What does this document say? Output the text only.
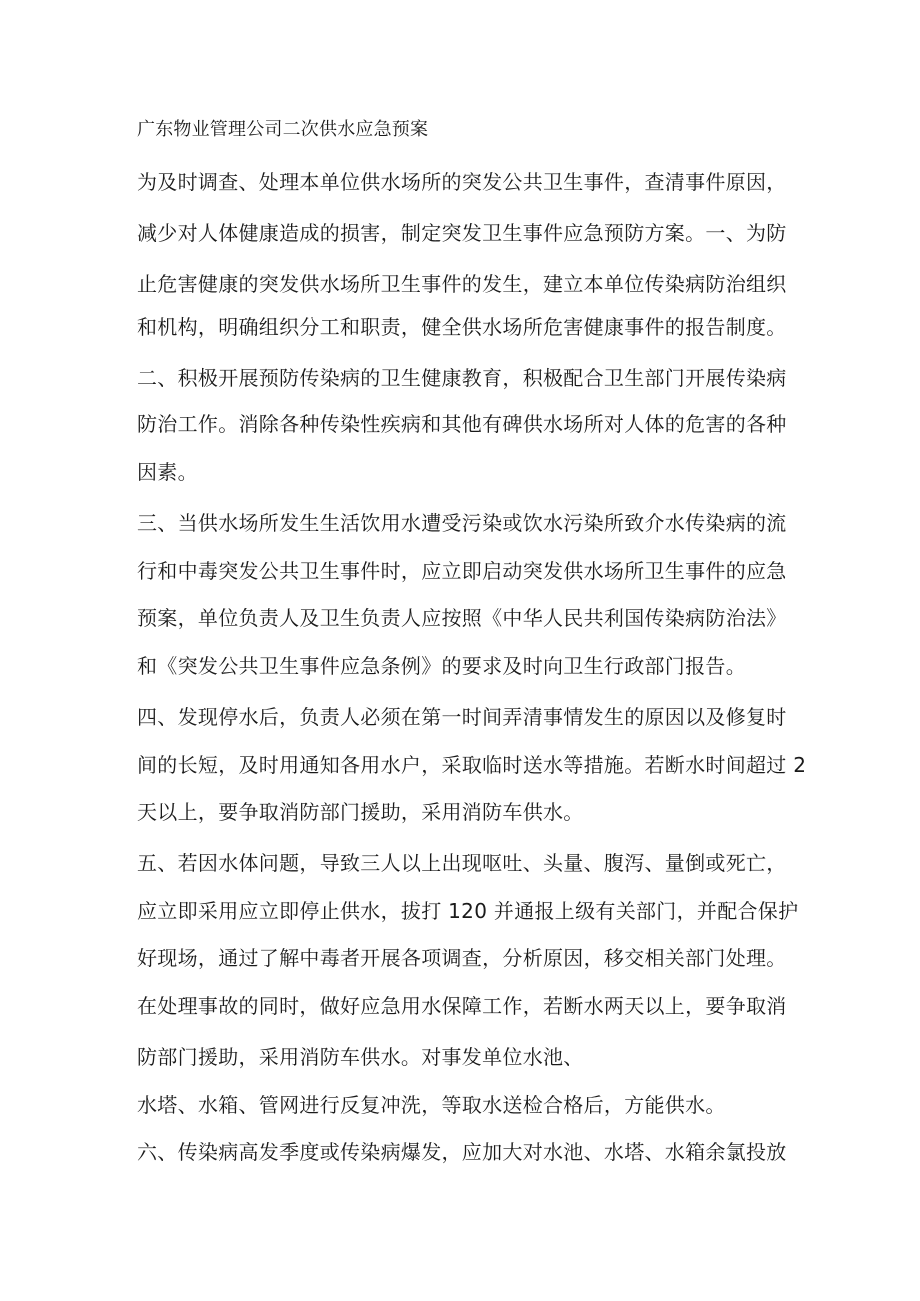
广东物业管理公司二次供水应急预案
为及时调查、处理本单位供水场所的突发公共卫生事件，查清事件原因，
减少对人体健康造成的损害，制定突发卫生事件应急预防方案。一、为防
止危害健康的突发供水场所卫生事件的发生，建立本单位传染病防治组织
和机构，明确组织分工和职责，健全供水场所危害健康事件的报告制度。
二、积极开展预防传染病的卫生健康教育，积极配合卫生部门开展传染病
防治工作。消除各种传染性疾病和其他有碑供水场所对人体的危害的各种
因素。
三、当供水场所发生生活饮用水遭受污染或饮水污染所致介水传染病的流
行和中毒突发公共卫生事件时，应立即启动突发供水场所卫生事件的应急
预案，单位负责人及卫生负责人应按照《中华人民共利国传染病防治法》
和《突发公共卫生事件应急条例》的要求及时向卫生行政部门报告。
四、发现停水后，负责人必须在第一时间弄清事情发生的原因以及修复时
间的长短，及时用通知各用水户，采取临时送水等措施。若断水时间超过 2
天以上，要争取消防部门援助，采用消防车供水。
五、若因水体问题，导致三人以上出现呕吐、头量、腹泻、量倒或死亡，
应立即采用应立即停止供水，拔打 120 并通报上级有关部门，并配合保护
好现场，通过了解中毒者开展各项调查，分析原因，移交相关部门处理。
在处理事故的同时，做好应急用水保障工作，若断水两天以上，要争取消
防部门援助，采用消防车供水。对事发单位水池、
水塔、水箱、管网进行反复冲洗，等取水送检合格后，方能供水。
六、传染病高发季度或传染病爆发，应加大对水池、水塔、水箱余氯投放
